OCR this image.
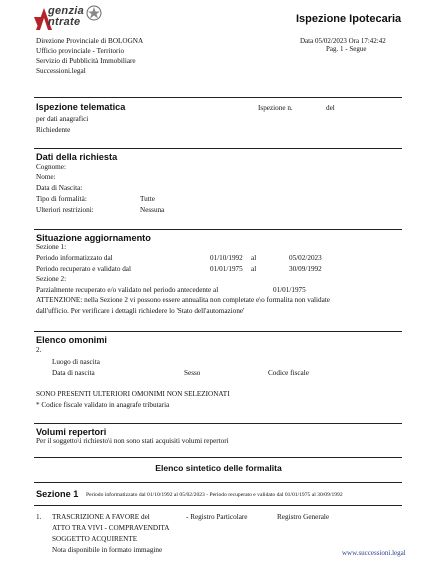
genzia
ntrate	Ispezione Ipotecaria
Direzione Provinciale di BOLOGNA
Ufficio provinciale - Territorio
Servizio di Pubblicità Immobiliare
Successioni.legal
Data 05/02/2023 Ora 17:42:42
Pag. 1 - Segue
Ispezione telematica	Ispezione n.	del
per dati anagrafici
Richiedente
Dati della richiesta
Cognome:
Nome:
Data di Nascita:
Tipo di formalità:	Tutte
Ulteriori restrizioni:	Nessuna
Situazione aggiornamento
Sezione 1:
Periodo informatizzato dal	01/10/1992 al	05/02/2023
Periodo recuperato e validato dal	01/01/1975 al	30/09/1992
Sezione 2:
Parzialmente recuperato e/o validato nel periodo antecedente al	01/01/1975
ATTENZIONE: nella Sezione 2 vi possono essere annualita non completate e\o formalita non validate
dall'ufficio. Per verificare i dettagli richiedere lo 'Stato dell'automazione'
Elenco omonimi
2.
Luogo di nascita
Data di nascita	Sesso	Codice fiscale
SONO PRESENTI ULTERIORI OMONIMI NON SELEZIONATI
* Codice fiscale validato in anagrafe tributaria
Volumi repertori
Per il soggetto\i richiesto\i non sono stati acquisiti volumi repertori
Elenco sintetico delle formalita
Sezione 1 Periodo informatizzato dal 01/10/1992 al 05/02/2023 - Periodo recuperato e validato dal 01/01/1975 al 30/09/1992
1. TRASCRIZIONE A FAVORE del	- Registro Particolare	Registro Generale
ATTO TRA VIVI - COMPRAVENDITA
SOGGETTO ACQUIRENTE
Nota disponibile in formato immagine	www.successioni.legal
